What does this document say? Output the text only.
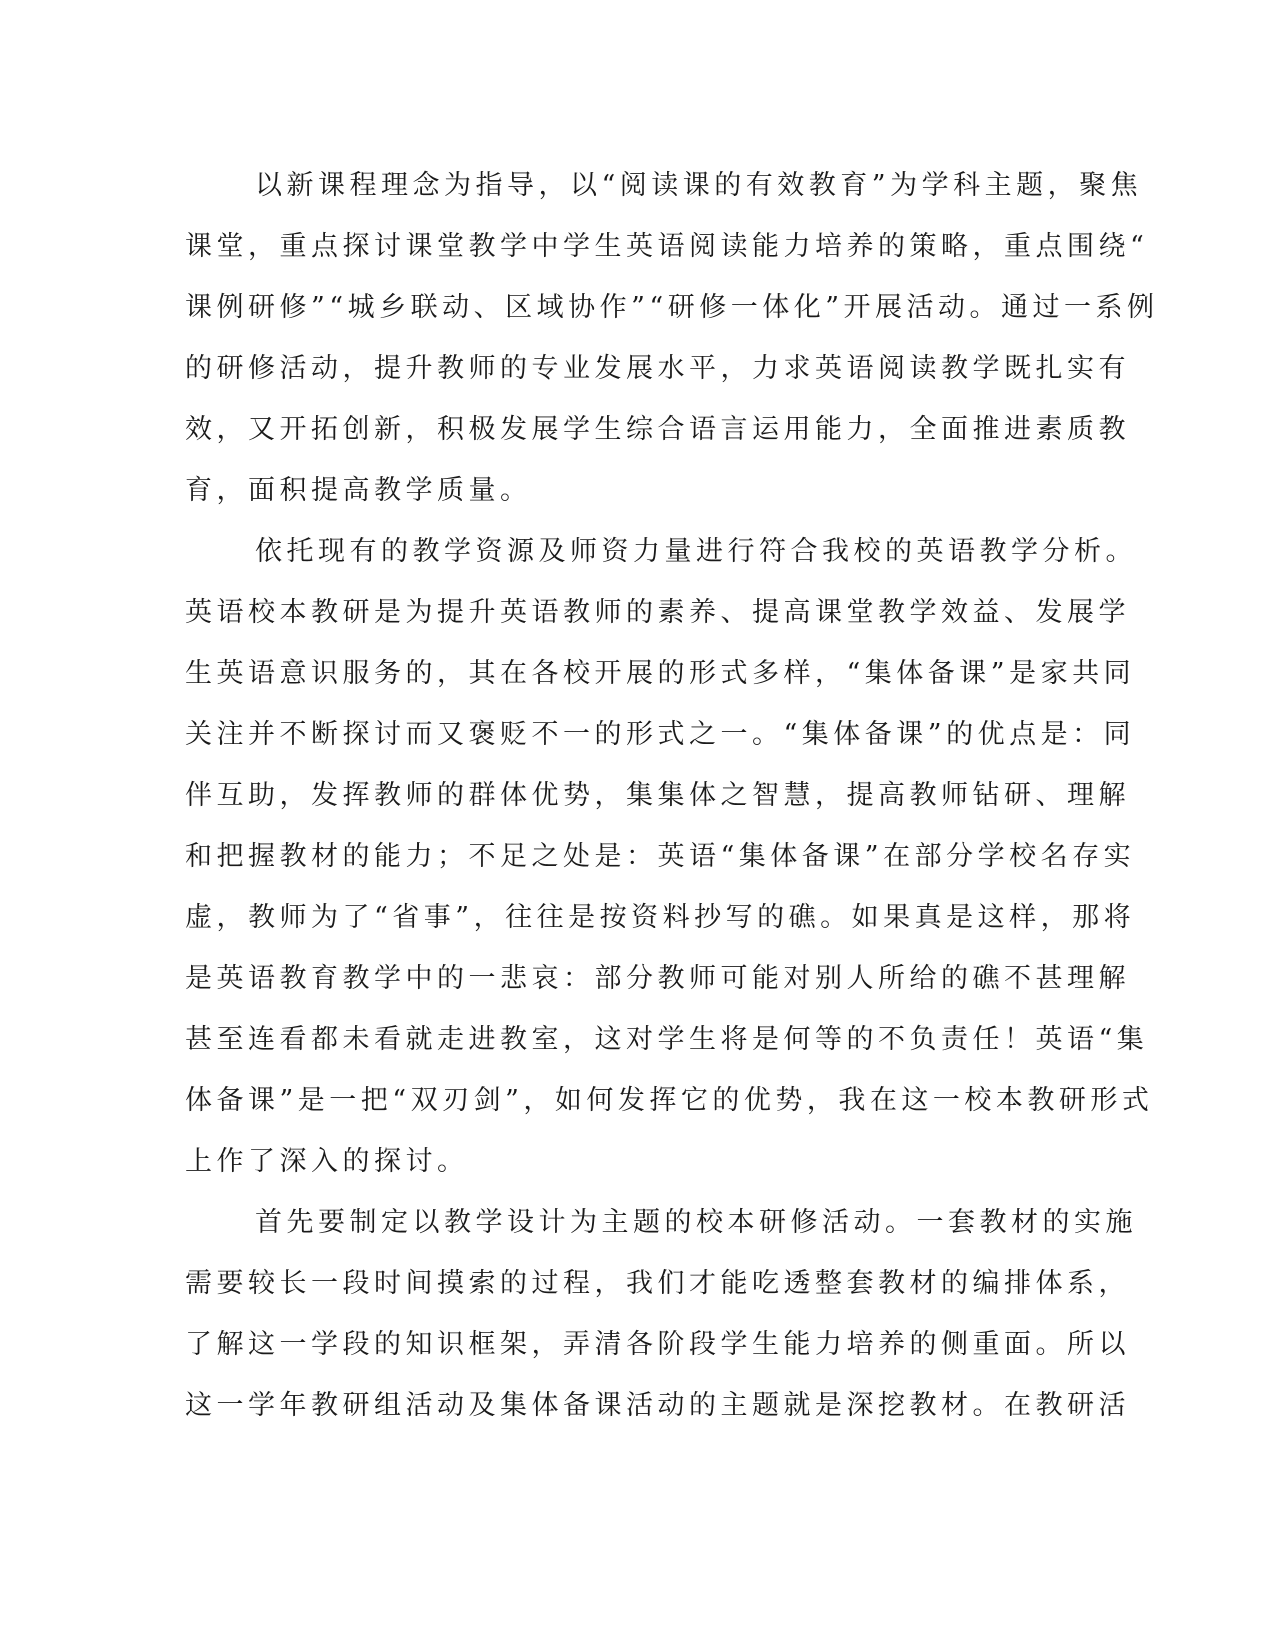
以新课程理念为指导，以“阅读课的有效教育”为学科主题，聚焦
课堂，重点探讨课堂教学中学生英语阅读能力培养的策略，重点围绕“
课例研修”“城乡联动、区域协作”“研修一体化”开展活动。通过一系例
的研修活动，提升教师的专业发展水平，力求英语阅读教学既扎实有
效，又开拓创新，积极发展学生综合语言运用能力，全面推进素质教
育，面积提高教学质量。
依托现有的教学资源及师资力量进行符合我校的英语教学分析。
英语校本教研是为提升英语教师的素养、提高课堂教学效益、发展学
生英语意识服务的，其在各校开展的形式多样，“集体备课”是家共同
关注并不断探讨而又褒贬不一的形式之一。“集体备课”的优点是：同
伴互助，发挥教师的群体优势，集集体之智慧，提高教师钻研、理解
和把握教材的能力；不足之处是：英语“集体备课”在部分学校名存实
虚，教师为了“省事”，往往是按资料抄写的礁。如果真是这样，那将
是英语教育教学中的一悲哀：部分教师可能对别人所给的礁不甚理解
甚至连看都未看就走进教室，这对学生将是何等的不负责任！英语“集
体备课”是一把“双刃剑”，如何发挥它的优势，我在这一校本教研形式
上作了深入的探讨。
首先要制定以教学设计为主题的校本研修活动。一套教材的实施
需要较长一段时间摸索的过程，我们才能吃透整套教材的编排体系，
了解这一学段的知识框架，弄清各阶段学生能力培养的侧重面。所以
这一学年教研组活动及集体备课活动的主题就是深挖教材。在教研活
